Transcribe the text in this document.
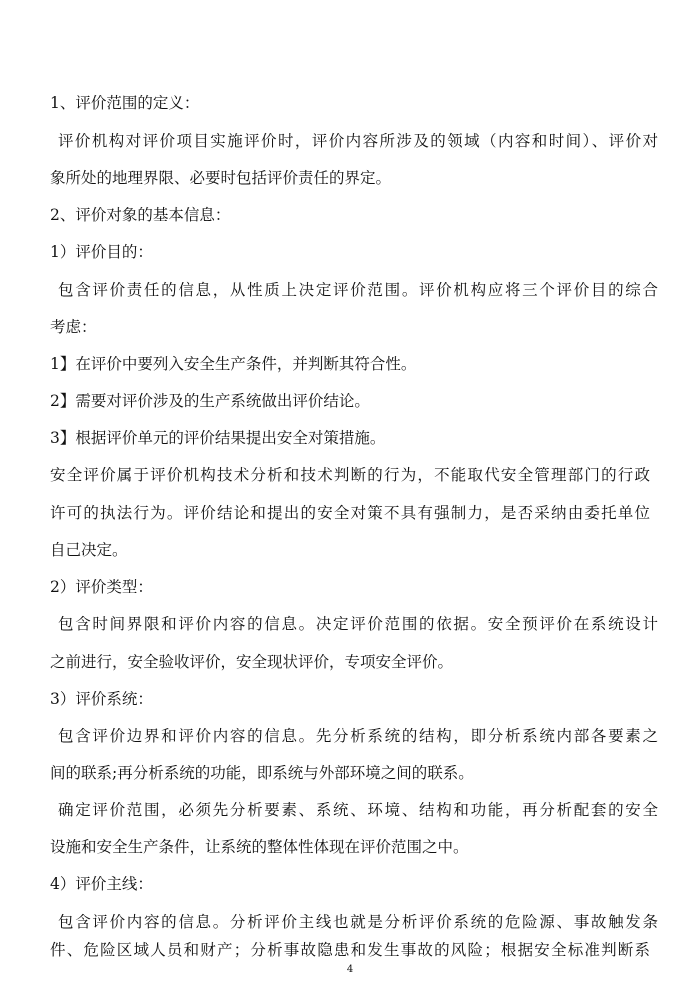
1、评价范围的定义：
评价机构对评价项目实施评价时，评价内容所涉及的领域（内容和时间）、评价对
象所处的地理界限、必要时包括评价责任的界定。
2、评价对象的基本信息：
1）评价目的：
包含评价责任的信息，从性质上决定评价范围。评价机构应将三个评价目的综合
考虑：
1】在评价中要列入安全生产条件，并判断其符合性。
2】需要对评价涉及的生产系统做出评价结论。
3】根据评价单元的评价结果提出安全对策措施。
安全评价属于评价机构技术分析和技术判断的行为，不能取代安全管理部门的行政
许可的执法行为。评价结论和提出的安全对策不具有强制力，是否采纳由委托单位
自己决定。
2）评价类型：
包含时间界限和评价内容的信息。决定评价范围的依据。安全预评价在系统设计
之前进行，安全验收评价，安全现状评价，专项安全评价。
3）评价系统：
包含评价边界和评价内容的信息。先分析系统的结构，即分析系统内部各要素之
间的联系;再分析系统的功能，即系统与外部环境之间的联系。
确定评价范围，必须先分析要素、系统、环境、结构和功能，再分析配套的安全
设施和安全生产条件，让系统的整体性体现在评价范围之中。
4）评价主线：
包含评价内容的信息。分析评价主线也就是分析评价系统的危险源、事故触发条
件、危险区域人员和财产；分析事故隐患和发生事故的风险；根据安全标准判断系
4
